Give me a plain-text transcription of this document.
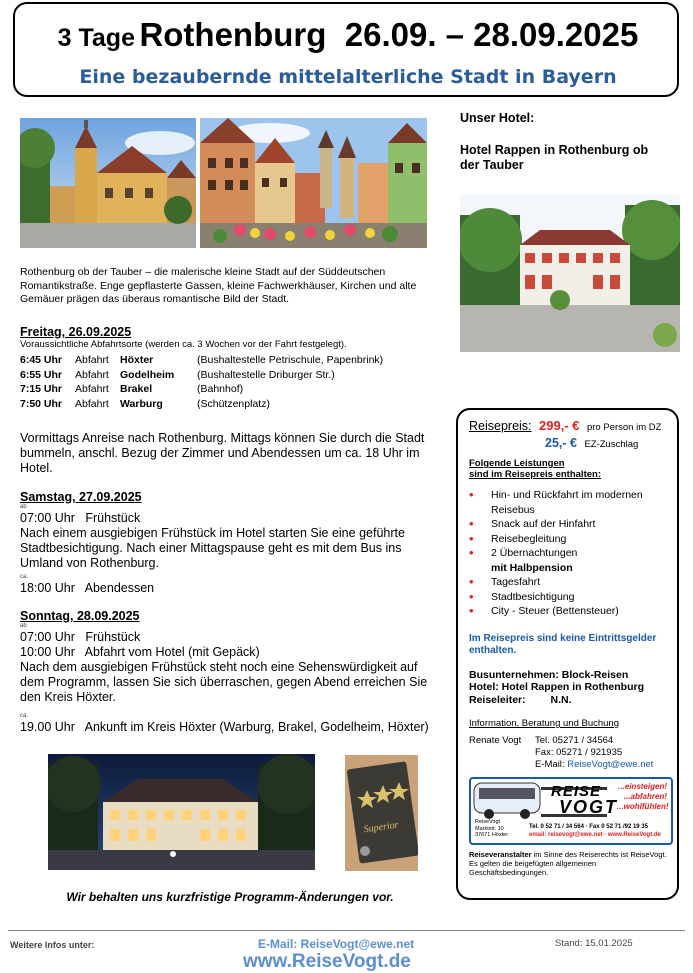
3 Tage Rothenburg  26.09. – 28.09.2025
Eine bezaubernde mittelalterliche Stadt in Bayern
Rothenburg ob der Tauber – die malerische kleine Stadt auf der Süddeutschen Romantikstraße. Enge gepflasterte Gassen, kleine Fachwerkhäuser, Kirchen und alte Gemäuer prägen das überaus romantische Bild der Stadt.
Freitag, 26.09.2025
Voraussichtliche Abfahrtsorte (werden ca. 3 Wochen vor der Fahrt festgelegt).
6:45 Uhr	Abfahrt	Höxter	(Bushaltestelle Petrischule, Papenbrink)
6:55 Uhr	Abfahrt	Godelheim	(Bushaltestelle Driburger Str.)
7:15 Uhr	Abfahrt	Brakel	(Bahnhof)
7:50 Uhr	Abfahrt	Warburg	(Schützenplatz)
Vormittags Anreise nach Rothenburg. Mittags können Sie durch die Stadt bummeln, anschl. Bezug der Zimmer und Abendessen um ca. 18 Uhr im Hotel.
Samstag, 27.09.2025
ab
07:00 Uhr   Frühstück
Nach einem ausgiebigen Frühstück im Hotel starten Sie eine geführte Stadtbesichtigung. Nach einer Mittagspause geht es mit dem Bus ins Umland von Rothenburg.
ca.
18:00 Uhr   Abendessen
Sonntag, 28.09.2025
ab
07:00 Uhr   Frühstück
10:00 Uhr   Abfahrt vom Hotel (mit Gepäck)
Nach dem ausgiebigen Frühstück steht noch eine Sehenswürdigkeit auf dem Programm, lassen Sie sich überraschen, gegen Abend erreichen Sie den Kreis Höxter.
ca.
19.00 Uhr   Ankunft im Kreis Höxter (Warburg, Brakel, Godelheim, Höxter)
Superior
Wir behalten uns kurzfristige Programm-Änderungen vor.
Unser Hotel:
Hotel Rappen in Rothenburg ob der Tauber
Reisepreis: 299,- € pro Person im DZ
25,- € EZ-Zuschlag
Folgende Leistungen
sind im Reisepreis enthalten:
• Hin- und Rückfahrt im modernen Reisebus
• Snack auf der Hinfahrt
• Reisebegleitung
• 2 Übernachtungen
mit Halbpension
• Tagesfahrt
• Stadtbesichtigung
• City - Steuer (Bettensteuer)
Im Reisepreis sind keine Eintrittsgelder enthalten.
Busunternehmen: Block-Reisen
Hotel: Hotel Rappen in Rothenburg
Reiseleiter: N.N.
Information, Beratung und Buchung
Renate Vogt Tel. 05271 / 34564
Fax: 05271 / 921935
E-Mail: ReiseVogt@ewe.net
REISE
VOGT
...einsteigen!
...abfahren!
...wohlfühlen!
ReiseVogt
Marktstr. 10
37671 Höxter
Tel. 0 52 71 / 34 564 · Fax 0 52 71 /92 19 35
email: reisevogt@ewe.net · www.ReiseVogt.de
Reiseveranstalter im Sinne des Reiserechts ist ReiseVogt. Es gelten die beigefügten allgemeinen Geschäftsbedingungen.
Weitere Infos unter:	E-Mail: ReiseVogt@ewe.net
www.ReiseVogt.de
Stand: 15.01.2025
